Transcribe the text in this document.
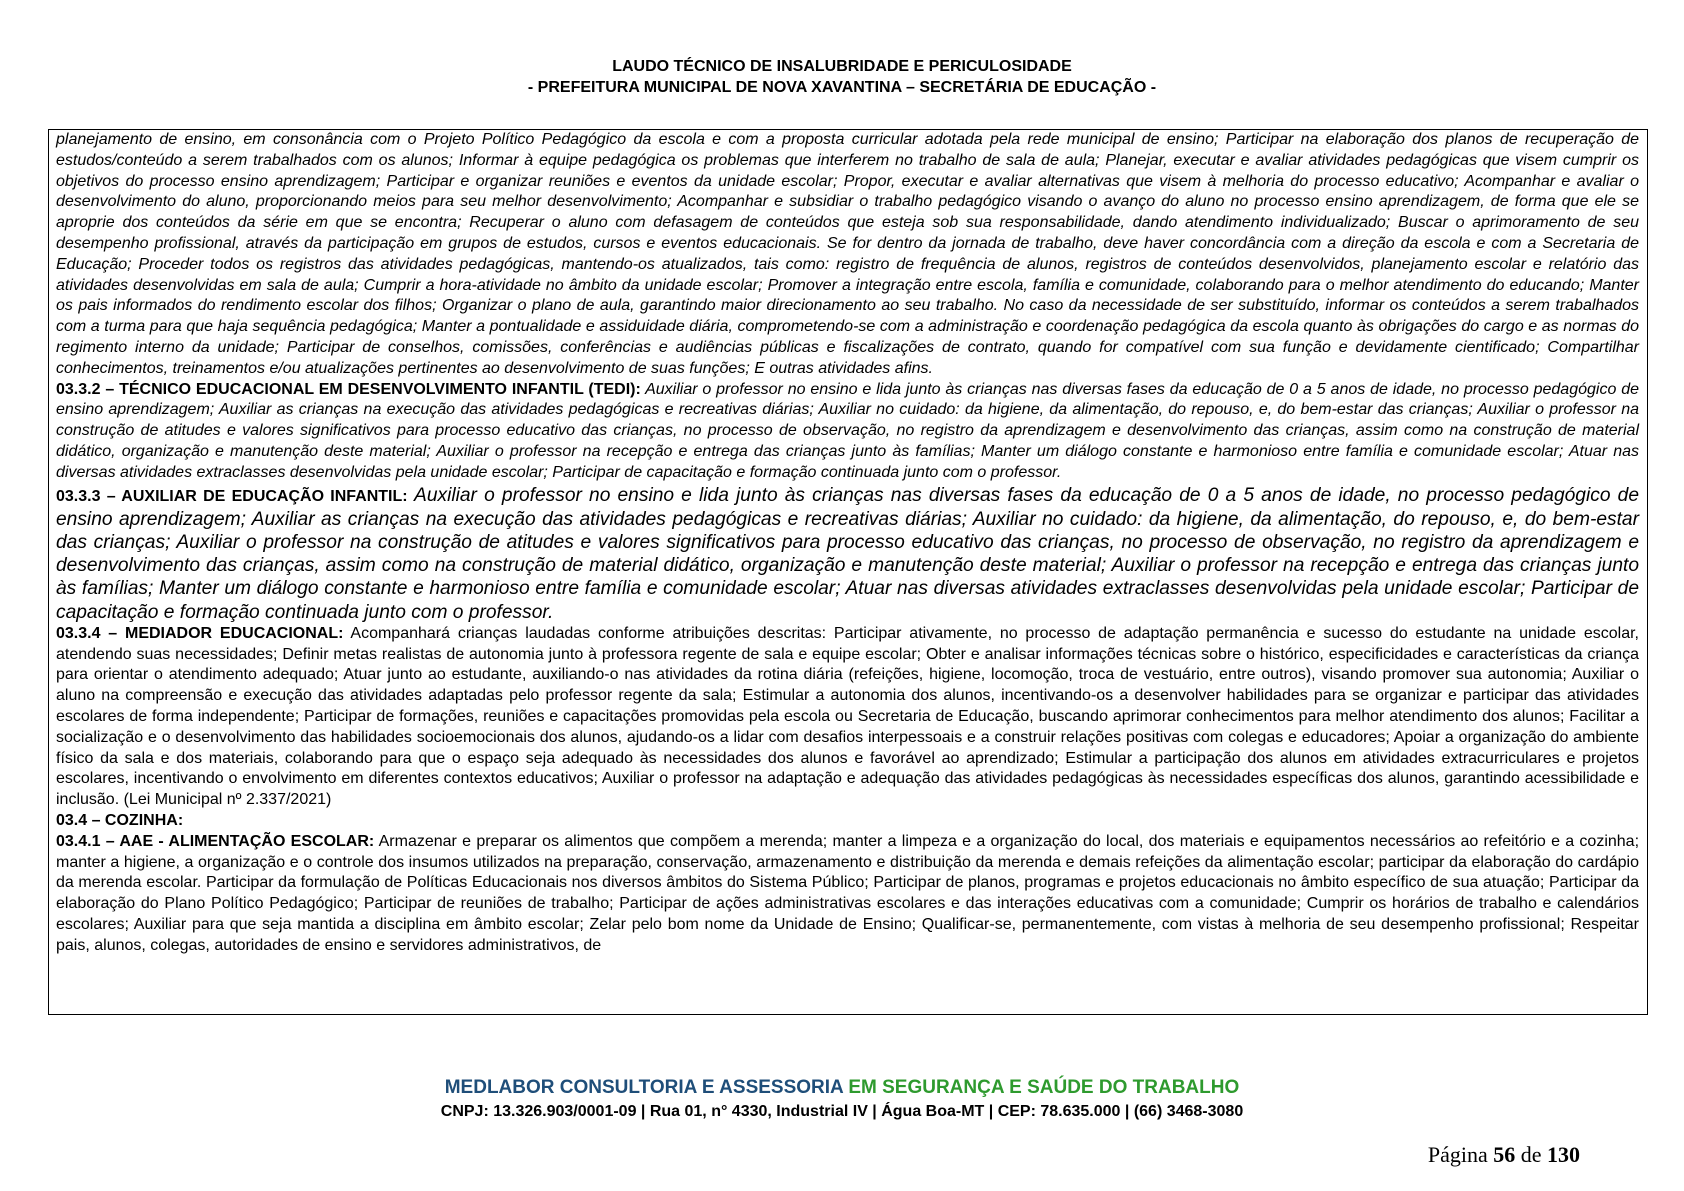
LAUDO TÉCNICO DE INSALUBRIDADE E PERICULOSIDADE
- PREFEITURA MUNICIPAL DE NOVA XAVANTINA – SECRETÁRIA DE EDUCAÇÃO -

planejamento de ensino, em consonância com o Projeto Político Pedagógico da escola e com a proposta curricular adotada pela rede municipal de ensino; Participar na elaboração dos planos de recuperação de estudos/conteúdo a serem trabalhados com os alunos; Informar à equipe pedagógica os problemas que interferem no trabalho de sala de aula; Planejar, executar e avaliar atividades pedagógicas que visem cumprir os objetivos do processo ensino aprendizagem; Participar e organizar reuniões e eventos da unidade escolar; Propor, executar e avaliar alternativas que visem à melhoria do processo educativo; Acompanhar e avaliar o desenvolvimento do aluno, proporcionando meios para seu melhor desenvolvimento; Acompanhar e subsidiar o trabalho pedagógico visando o avanço do aluno no processo ensino aprendizagem, de forma que ele se aproprie dos conteúdos da série em que se encontra; Recuperar o aluno com defasagem de conteúdos que esteja sob sua responsabilidade, dando atendimento individualizado; Buscar o aprimoramento de seu desempenho profissional, através da participação em grupos de estudos, cursos e eventos educacionais. Se for dentro da jornada de trabalho, deve haver concordância com a direção da escola e com a Secretaria de Educação; Proceder todos os registros das atividades pedagógicas, mantendo-os atualizados, tais como: registro de frequência de alunos, registros de conteúdos desenvolvidos, planejamento escolar e relatório das atividades desenvolvidas em sala de aula; Cumprir a hora-atividade no âmbito da unidade escolar; Promover a integração entre escola, família e comunidade, colaborando para o melhor atendimento do educando; Manter os pais informados do rendimento escolar dos filhos; Organizar o plano de aula, garantindo maior direcionamento ao seu trabalho. No caso da necessidade de ser substituído, informar os conteúdos a serem trabalhados com a turma para que haja sequência pedagógica; Manter a pontualidade e assiduidade diária, comprometendo-se com a administração e coordenação pedagógica da escola quanto às obrigações do cargo e as normas do regimento interno da unidade; Participar de conselhos, comissões, conferências e audiências públicas e fiscalizações de contrato, quando for compatível com sua função e devidamente cientificado; Compartilhar conhecimentos, treinamentos e/ou atualizações pertinentes ao desenvolvimento de suas funções; E outras atividades afins.

03.3.2 – TÉCNICO EDUCACIONAL EM DESENVOLVIMENTO INFANTIL (TEDI): Auxiliar o professor no ensino e lida junto às crianças nas diversas fases da educação de 0 a 5 anos de idade, no processo pedagógico de ensino aprendizagem; Auxiliar as crianças na execução das atividades pedagógicas e recreativas diárias; Auxiliar no cuidado: da higiene, da alimentação, do repouso, e, do bem-estar das crianças; Auxiliar o professor na construção de atitudes e valores significativos para processo educativo das crianças, no processo de observação, no registro da aprendizagem e desenvolvimento das crianças, assim como na construção de material didático, organização e manutenção deste material; Auxiliar o professor na recepção e entrega das crianças junto às famílias; Manter um diálogo constante e harmonioso entre família e comunidade escolar; Atuar nas diversas atividades extraclasses desenvolvidas pela unidade escolar; Participar de capacitação e formação continuada junto com o professor.

03.3.3 – AUXILIAR DE EDUCAÇÃO INFANTIL: Auxiliar o professor no ensino e lida junto às crianças nas diversas fases da educação de 0 a 5 anos de idade, no processo pedagógico de ensino aprendizagem; Auxiliar as crianças na execução das atividades pedagógicas e recreativas diárias; Auxiliar no cuidado: da higiene, da alimentação, do repouso, e, do bem-estar das crianças; Auxiliar o professor na construção de atitudes e valores significativos para processo educativo das crianças, no processo de observação, no registro da aprendizagem e desenvolvimento das crianças, assim como na construção de material didático, organização e manutenção deste material; Auxiliar o professor na recepção e entrega das crianças junto às famílias; Manter um diálogo constante e harmonioso entre família e comunidade escolar; Atuar nas diversas atividades extraclasses desenvolvidas pela unidade escolar; Participar de capacitação e formação continuada junto com o professor.

03.3.4 – MEDIADOR EDUCACIONAL: Acompanhará crianças laudadas conforme atribuições descritas: Participar ativamente, no processo de adaptação permanência e sucesso do estudante na unidade escolar, atendendo suas necessidades; Definir metas realistas de autonomia junto à professora regente de sala e equipe escolar; Obter e analisar informações técnicas sobre o histórico, especificidades e características da criança para orientar o atendimento adequado; Atuar junto ao estudante, auxiliando-o nas atividades da rotina diária (refeições, higiene, locomoção, troca de vestuário, entre outros), visando promover sua autonomia; Auxiliar o aluno na compreensão e execução das atividades adaptadas pelo professor regente da sala; Estimular a autonomia dos alunos, incentivando-os a desenvolver habilidades para se organizar e participar das atividades escolares de forma independente; Participar de formações, reuniões e capacitações promovidas pela escola ou Secretaria de Educação, buscando aprimorar conhecimentos para melhor atendimento dos alunos; Facilitar a socialização e o desenvolvimento das habilidades socioemocionais dos alunos, ajudando-os a lidar com desafios interpessoais e a construir relações positivas com colegas e educadores; Apoiar a organização do ambiente físico da sala e dos materiais, colaborando para que o espaço seja adequado às necessidades dos alunos e favorável ao aprendizado; Estimular a participação dos alunos em atividades extracurriculares e projetos escolares, incentivando o envolvimento em diferentes contextos educativos; Auxiliar o professor na adaptação e adequação das atividades pedagógicas às necessidades específicas dos alunos, garantindo acessibilidade e inclusão. (Lei Municipal nº 2.337/2021)

03.4 – COZINHA:

03.4.1 – AAE - ALIMENTAÇÃO ESCOLAR: Armazenar e preparar os alimentos que compõem a merenda; manter a limpeza e a organização do local, dos materiais e equipamentos necessários ao refeitório e a cozinha; manter a higiene, a organização e o controle dos insumos utilizados na preparação, conservação, armazenamento e distribuição da merenda e demais refeições da alimentação escolar; participar da elaboração do cardápio da merenda escolar. Participar da formulação de Políticas Educacionais nos diversos âmbitos do Sistema Público; Participar de planos, programas e projetos educacionais no âmbito específico de sua atuação; Participar da elaboração do Plano Político Pedagógico; Participar de reuniões de trabalho; Participar de ações administrativas escolares e das interações educativas com a comunidade; Cumprir os horários de trabalho e calendários escolares; Auxiliar para que seja mantida a disciplina em âmbito escolar; Zelar pelo bom nome da Unidade de Ensino; Qualificar-se, permanentemente, com vistas à melhoria de seu desempenho profissional; Respeitar pais, alunos, colegas, autoridades de ensino e servidores administrativos, de

MEDLABOR CONSULTORIA E ASSESSORIA EM SEGURANÇA E SAÚDE DO TRABALHO
CNPJ: 13.326.903/0001-09 | Rua 01, n° 4330, Industrial IV | Água Boa-MT | CEP: 78.635.000 | (66) 3468-3080
Página 56 de 130
